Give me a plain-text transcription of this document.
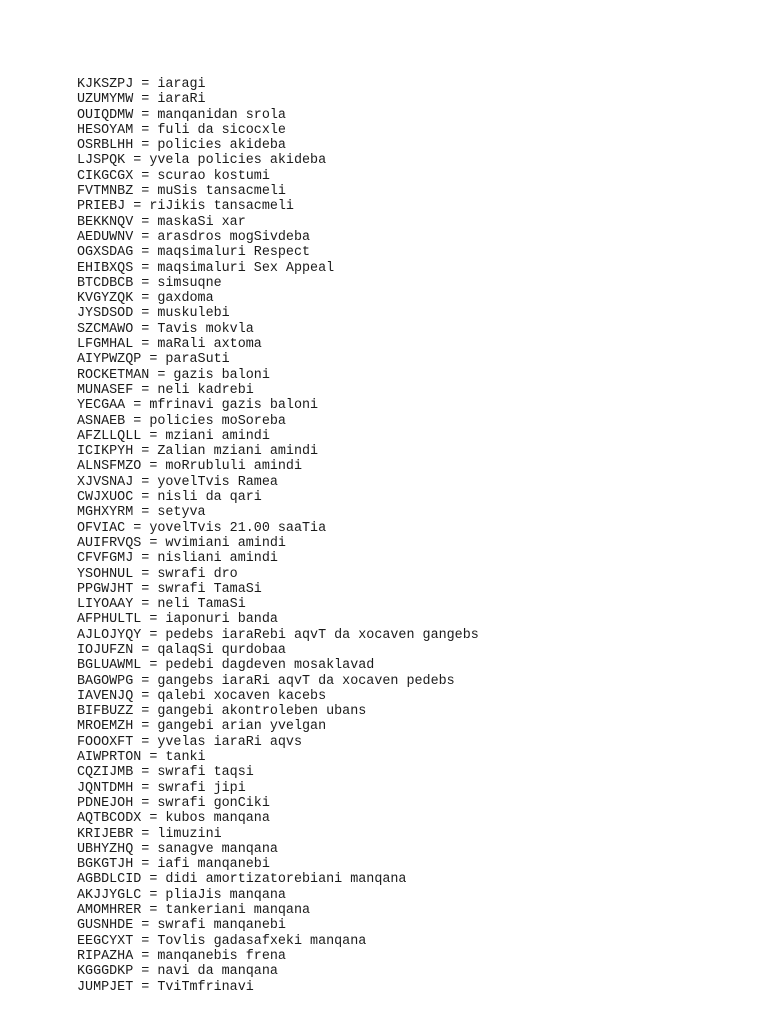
KJKSZPJ = iaragi
UZUMYMW = iaraRi
OUIQDMW = manqanidan srola
HESOYAM = fuli da sicocxle
OSRBLHH = policies akideba
LJSPQK = yvela policies akideba
CIKGCGX = scurao kostumi
FVTMNBZ = muSis tansacmeli
PRIEBJ = riJikis tansacmeli
BEKKNQV = maskaSi xar
AEDUWNV = arasdros mogSivdeba
OGXSDAG = maqsimaluri Respect
EHIBXQS = maqsimaluri Sex Appeal
BTCDBCB = simsuqne
KVGYZQK = gaxdoma
JYSDSOD = muskulebi
SZCMAWO = Tavis mokvla
LFGMHAL = maRali axtoma
AIYPWZQP = paraSuti
ROCKETMAN = gazis baloni
MUNASEF = neli kadrebi
YECGAA = mfrinavi gazis baloni
ASNAEB = policies moSoreba
AFZLLQLL = mziani amindi
ICIKPYH = Zalian mziani amindi
ALNSFMZO = moRrubluli amindi
XJVSNAJ = yovelTvis Ramea
CWJXUOC = nisli da qari
MGHXYRM = setyva
OFVIAC = yovelTvis 21.00 saaTia
AUIFRVQS = wvimiani amindi
CFVFGMJ = nisliani amindi
YSOHNUL = swrafi dro
PPGWJHT = swrafi TamaSi
LIYOAAY = neli TamaSi
AFPHULTL = iaponuri banda
AJLOJYQY = pedebs iaraRebi aqvT da xocaven gangebs
IOJUFZN = qalaqSi qurdobaa
BGLUAWML = pedebi dagdeven mosaklavad
BAGOWPG = gangebs iaraRi aqvT da xocaven pedebs
IAVENJQ = qalebi xocaven kacebs
BIFBUZZ = gangebi akontroleben ubans
MROEMZH = gangebi arian yvelgan
FOOOXFT = yvelas iaraRi aqvs
AIWPRTON = tanki
CQZIJMB = swrafi taqsi
JQNTDMH = swrafi jipi
PDNEJOH = swrafi gonCiki
AQTBCODX = kubos manqana
KRIJEBR = limuzini
UBHYZHQ = sanagve manqana
BGKGTJH = iafi manqanebi
AGBDLCID = didi amortizatorebiani manqana
AKJJYGLC = pliaJis manqana
AMOMHRER = tankeriani manqana
GUSNHDE = swrafi manqanebi
EEGCYXT = Tovlis gadasafxeki manqana
RIPAZHA = manqanebis frena
KGGGDKP = navi da manqana
JUMPJET = TviTmfrinavi
